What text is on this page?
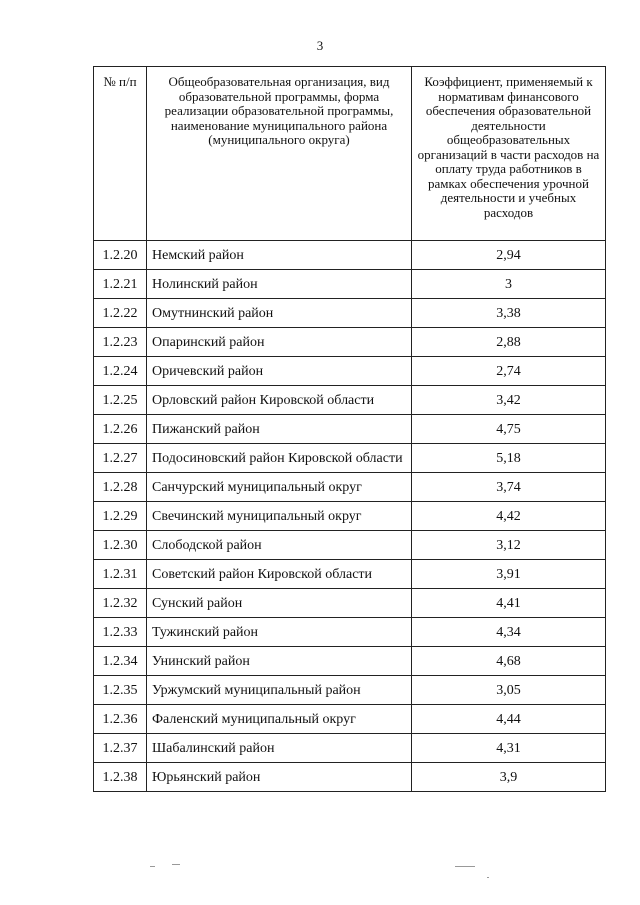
3
№ п/п	Общеобразовательная организация, вид образовательной программы, форма реализации образовательной программы, наименование муниципального района (муниципального округа)	Коэффициент, применяемый к нормативам финансового обеспечения образовательной деятельности общеобразовательных организаций в части расходов на оплату труда работников в рамках обеспечения урочной деятельности и учебных расходов
1.2.20	Немский район	2,94
1.2.21	Нолинский район	3
1.2.22	Омутнинский район	3,38
1.2.23	Опаринский район	2,88
1.2.24	Оричевский район	2,74
1.2.25	Орловский район Кировской области	3,42
1.2.26	Пижанский район	4,75
1.2.27	Подосиновский район Кировской области	5,18
1.2.28	Санчурский муниципальный округ	3,74
1.2.29	Свечинский муниципальный округ	4,42
1.2.30	Слободской район	3,12
1.2.31	Советский район Кировской области	3,91
1.2.32	Сунский район	4,41
1.2.33	Тужинский район	4,34
1.2.34	Унинский район	4,68
1.2.35	Уржумский муниципальный район	3,05
1.2.36	Фаленский муниципальный округ	4,44
1.2.37	Шабалинский район	4,31
1.2.38	Юрьянский район	3,9
